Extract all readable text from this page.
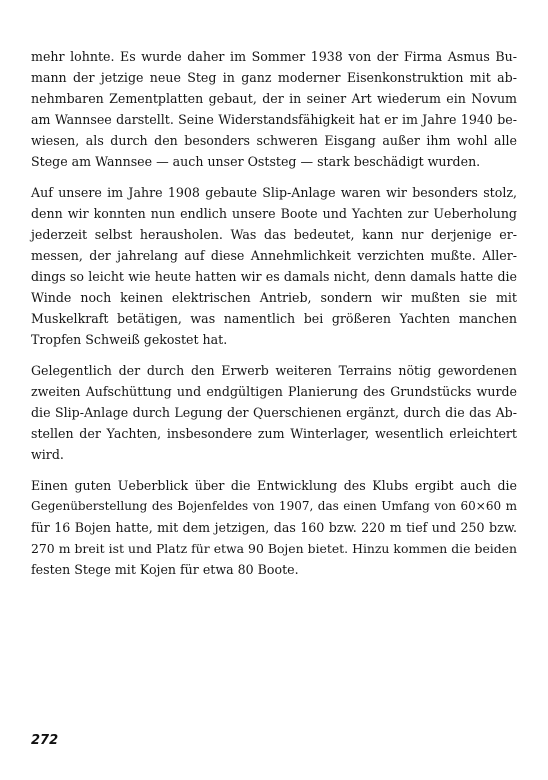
mehr lohnte. Es wurde daher im Sommer 1938 von der Firma Asmus Bu-
mann der jetzige neue Steg in ganz moderner Eisenkonstruktion mit ab-
nehmbaren Zementplatten gebaut, der in seiner Art wiederum ein Novum
am Wannsee darstellt. Seine Widerstandsfähigkeit hat er im Jahre 1940 be-
wiesen, als durch den besonders schweren Eisgang außer ihm wohl alle
Stege am Wannsee — auch unser Oststeg — stark beschädigt wurden.
Auf unsere im Jahre 1908 gebaute Slip-Anlage waren wir besonders stolz,
denn wir konnten nun endlich unsere Boote und Yachten zur Ueberholung
jederzeit selbst herausholen. Was das bedeutet, kann nur derjenige er-
messen, der jahrelang auf diese Annehmlichkeit verzichten mußte. Aller-
dings so leicht wie heute hatten wir es damals nicht, denn damals hatte die
Winde noch keinen elektrischen Antrieb, sondern wir mußten sie mit
Muskelkraft betätigen, was namentlich bei größeren Yachten manchen
Tropfen Schweiß gekostet hat.
Gelegentlich der durch den Erwerb weiteren Terrains nötig gewordenen
zweiten Aufschüttung und endgültigen Planierung des Grundstücks wurde
die Slip-Anlage durch Legung der Querschienen ergänzt, durch die das Ab-
stellen der Yachten, insbesondere zum Winterlager, wesentlich erleichtert
wird.
Einen guten Ueberblick über die Entwicklung des Klubs ergibt auch die
Gegenüberstellung des Bojenfeldes von 1907, das einen Umfang von 60×60 m
für 16 Bojen hatte, mit dem jetzigen, das 160 bzw. 220 m tief und 250 bzw.
270 m breit ist und Platz für etwa 90 Bojen bietet. Hinzu kommen die beiden
festen Stege mit Kojen für etwa 80 Boote.
272
